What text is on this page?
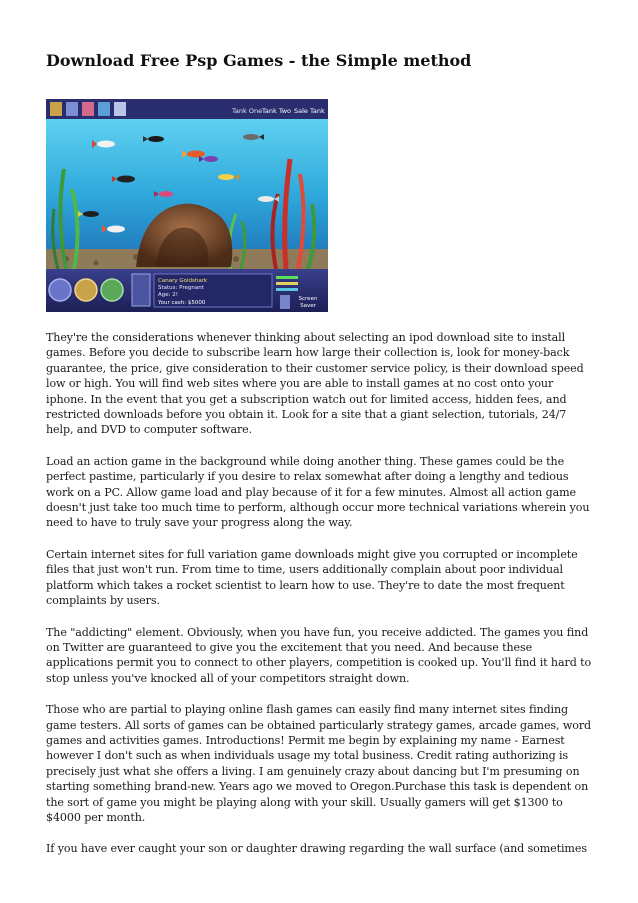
Download Free Psp Games - the Simple method
Tank One Tank Two Sale Tank
Canary Goldshark
Status: Pregnant
Age: 2!
Your cash: $5000
Screen
Saver

They're the considerations whenever thinking about selecting an ipod download site to install games. Before you decide to subscribe learn how large their collection is, look for money-back guarantee, the price, give consideration to their customer service policy, is their download speed low or high. You will find web sites where you are able to install games at no cost onto your iphone. In the event that you get a subscription watch out for limited access, hidden fees, and restricted downloads before you obtain it. Look for a site that a giant selection, tutorials, 24/7 help, and DVD to computer software.

Load an action game in the background while doing another thing. These games could be the perfect pastime, particularly if you desire to relax somewhat after doing a lengthy and tedious work on a PC. Allow game load and play because of it for a few minutes. Almost all action game doesn't just take too much time to perform, although occur more technical variations wherein you need to have to truly save your progress along the way.

Certain internet sites for full variation game downloads might give you corrupted or incomplete files that just won't run. From time to time, users additionally complain about poor individual platform which takes a rocket scientist to learn how to use. They're to date the most frequent complaints by users.

The "addicting" element. Obviously, when you have fun, you receive addicted. The games you find on Twitter are guaranteed to give you the excitement that you need. And because these applications permit you to connect to other players, competition is cooked up. You'll find it hard to stop unless you've knocked all of your competitors straight down.

Those who are partial to playing online flash games can easily find many internet sites finding game testers. All sorts of games can be obtained particularly strategy games, arcade games, word games and activities games. Introductions! Permit me begin by explaining my name - Earnest however I don't such as when individuals usage my total business. Credit rating authorizing is precisely just what she offers a living. I am genuinely crazy about dancing but I'm presuming on starting something brand-new. Years ago we moved to Oregon.Purchase this task is dependent on the sort of game you might be playing along with your skill. Usually gamers will get $1300 to $4000 per month.

If you have ever caught your son or daughter drawing regarding the wall surface (and sometimes
